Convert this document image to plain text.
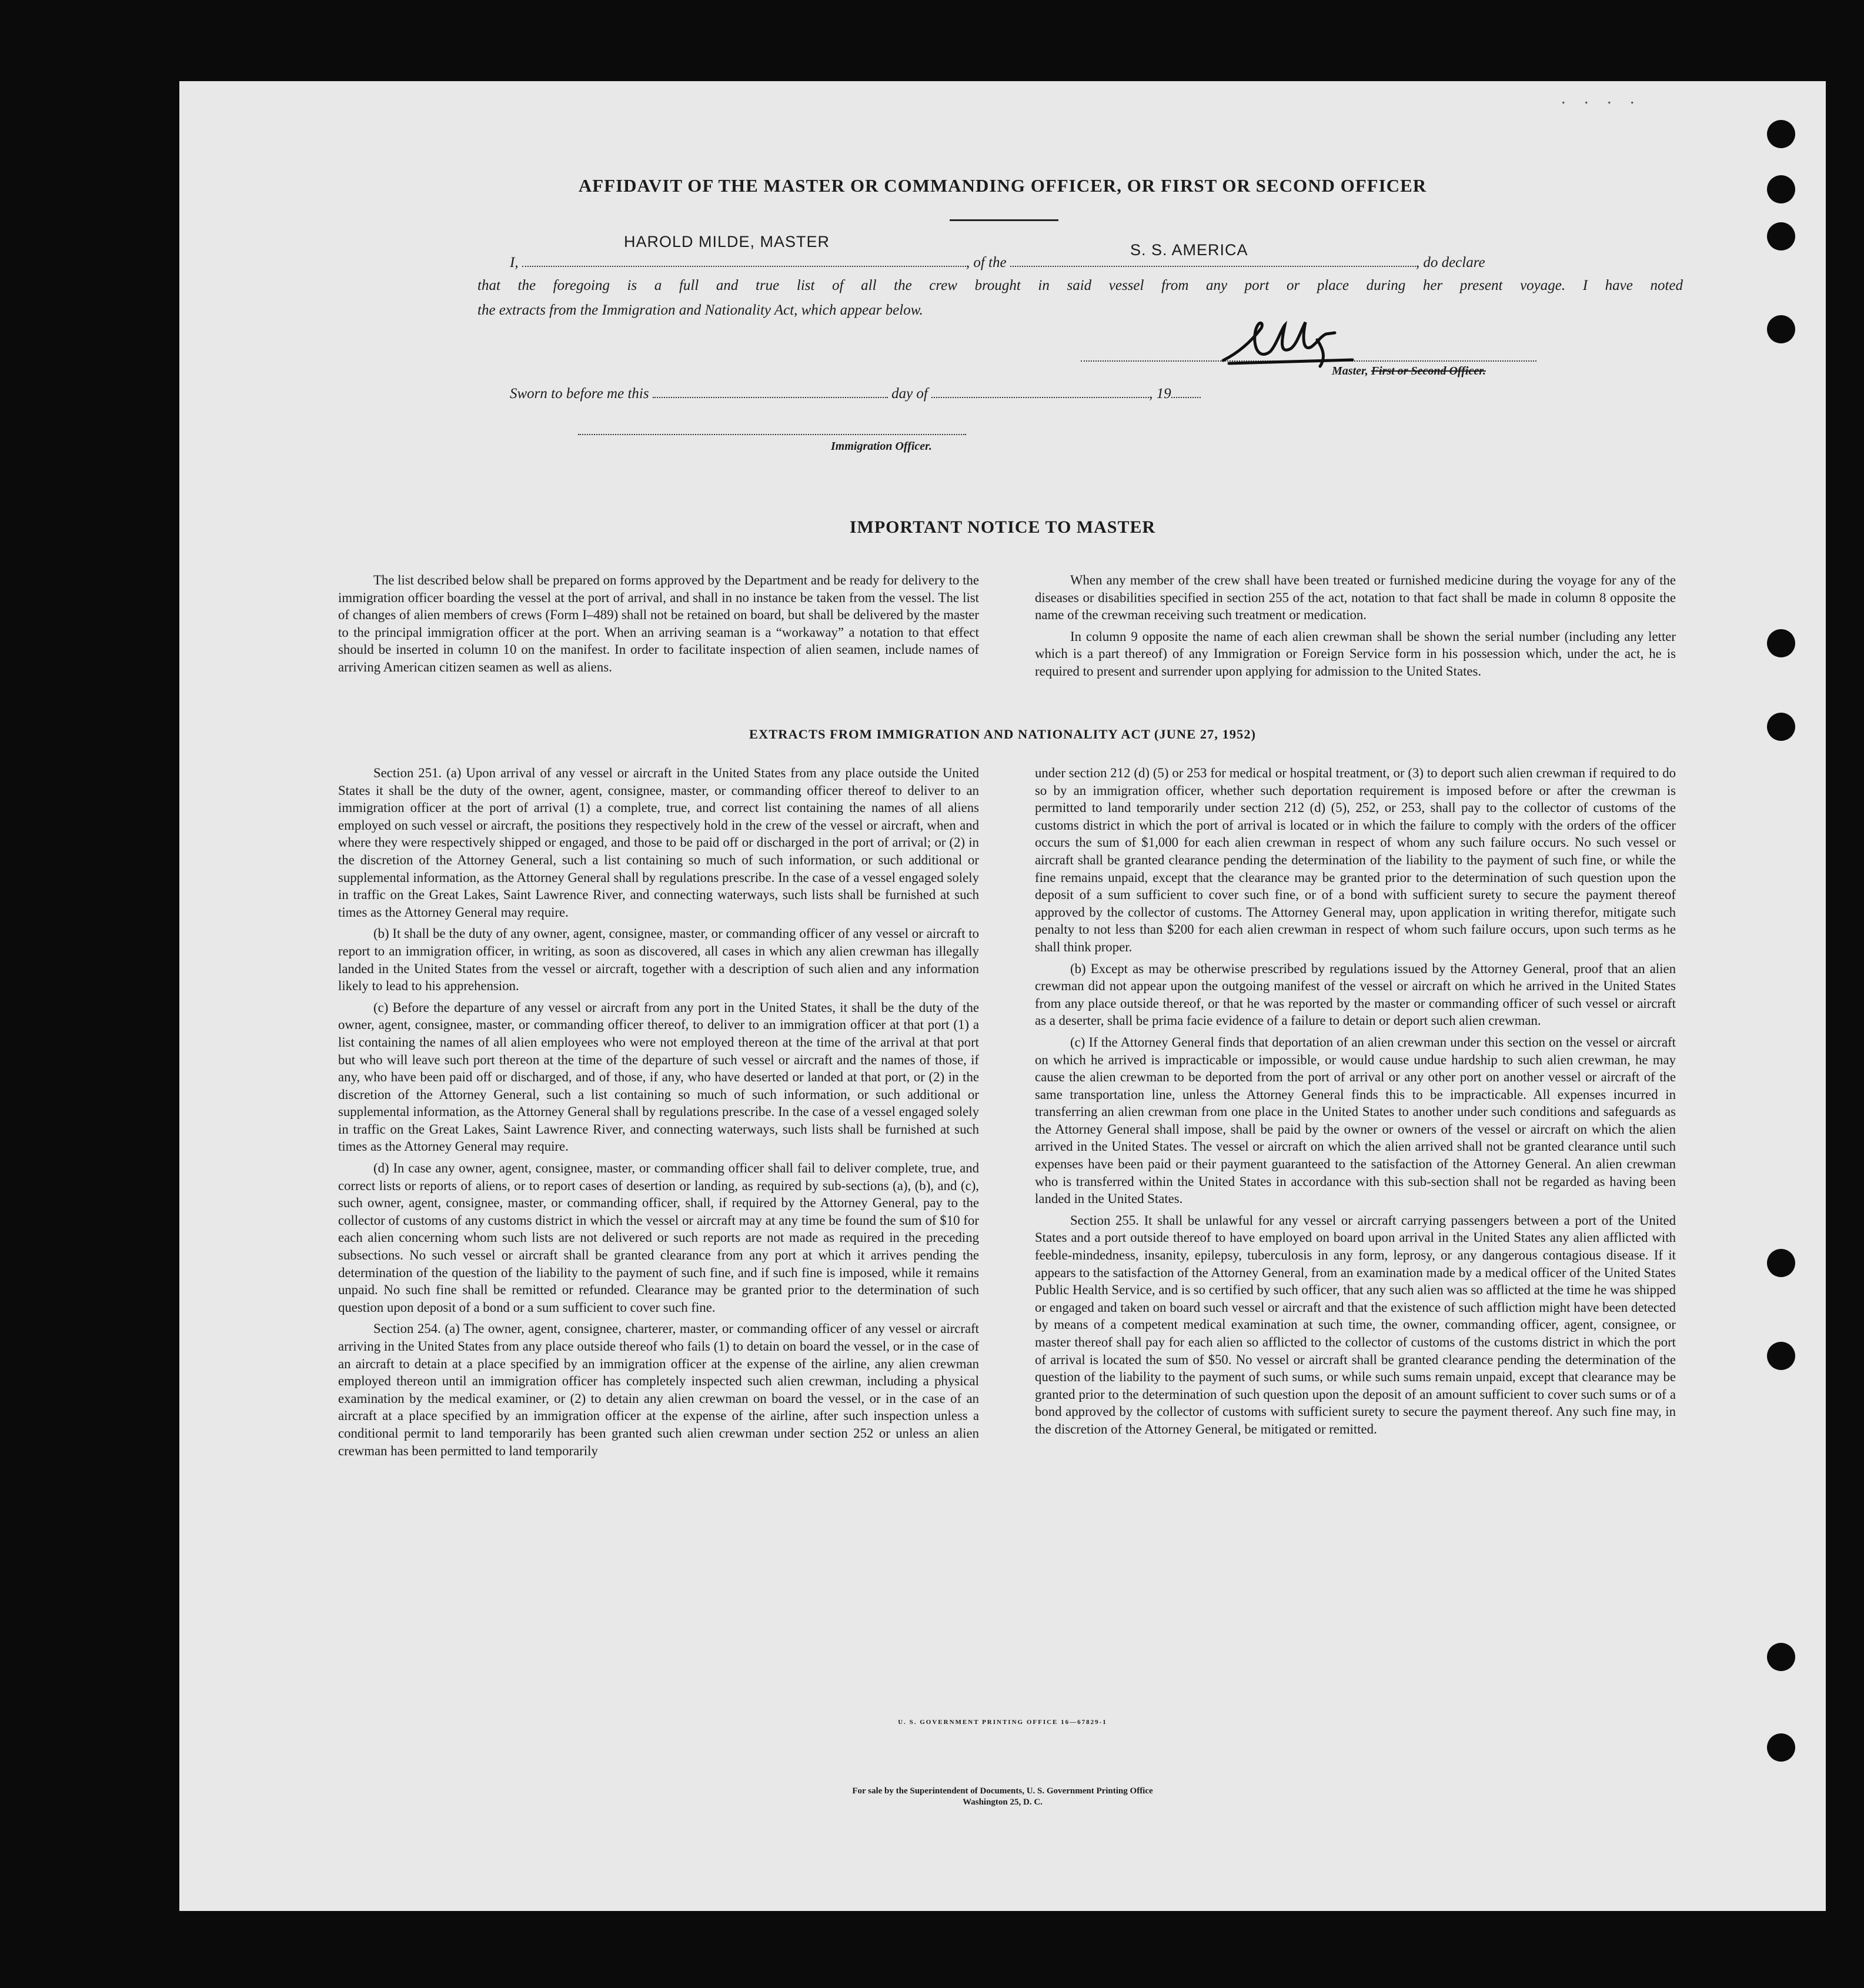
. . . .
AFFIDAVIT OF THE MASTER OR COMMANDING OFFICER, OR FIRST OR SECOND OFFICER
I,	, of the	, do declare
HAROLD MILDE, MASTER	S. S. AMERICA
that the foregoing is a full and true list of all the crew brought in said vessel from any port or place during her present voyage. I have noted
the extracts from the Immigration and Nationality Act, which appear below.
Master, First or Second Officer.
Sworn to before me this	day of	, 19
Immigration Officer.
IMPORTANT NOTICE TO MASTER

The list described below shall be prepared on forms approved by the Department and be ready for delivery to the immigration officer boarding the vessel at the port of arrival, and shall in no instance be taken from the vessel. The list of changes of alien members of crews (Form I–489) shall not be retained on board, but shall be delivered by the master to the principal immigration officer at the port. When an arriving seaman is a “workaway” a notation to that effect should be inserted in column 10 on the manifest. In order to facilitate inspection of alien seamen, include names of arriving American citizen seamen as well as aliens.

When any member of the crew shall have been treated or furnished medicine during the voyage for any of the diseases or disabilities specified in section 255 of the act, notation to that fact shall be made in column 8 opposite the name of the crewman receiving such treatment or medication.

In column 9 opposite the name of each alien crewman shall be shown the serial number (including any letter which is a part thereof) of any Immigration or Foreign Service form in his possession which, under the act, he is required to present and surrender upon applying for admission to the United States.

EXTRACTS FROM IMMIGRATION AND NATIONALITY ACT (JUNE 27, 1952)

Section 251. (a) Upon arrival of any vessel or aircraft in the United States from any place outside the United States it shall be the duty of the owner, agent, consignee, master, or commanding officer thereof to deliver to an immigration officer at the port of arrival (1) a complete, true, and correct list containing the names of all aliens employed on such vessel or aircraft, the positions they respectively hold in the crew of the vessel or aircraft, when and where they were respectively shipped or engaged, and those to be paid off or discharged in the port of arrival; or (2) in the discretion of the Attorney General, such a list containing so much of such information, or such additional or supplemental information, as the Attorney General shall by regulations prescribe. In the case of a vessel engaged solely in traffic on the Great Lakes, Saint Lawrence River, and connecting waterways, such lists shall be furnished at such times as the Attorney General may require.

(b) It shall be the duty of any owner, agent, consignee, master, or commanding officer of any vessel or aircraft to report to an immigration officer, in writing, as soon as discovered, all cases in which any alien crewman has illegally landed in the United States from the vessel or aircraft, together with a description of such alien and any information likely to lead to his apprehension.

(c) Before the departure of any vessel or aircraft from any port in the United States, it shall be the duty of the owner, agent, consignee, master, or commanding officer thereof, to deliver to an immigration officer at that port (1) a list containing the names of all alien employees who were not employed thereon at the time of the arrival at that port but who will leave such port thereon at the time of the departure of such vessel or aircraft and the names of those, if any, who have been paid off or discharged, and of those, if any, who have deserted or landed at that port, or (2) in the discretion of the Attorney General, such a list containing so much of such information, or such additional or supplemental information, as the Attorney General shall by regulations prescribe. In the case of a vessel engaged solely in traffic on the Great Lakes, Saint Lawrence River, and connecting waterways, such lists shall be furnished at such times as the Attorney General may require.

(d) In case any owner, agent, consignee, master, or commanding officer shall fail to deliver complete, true, and correct lists or reports of aliens, or to report cases of desertion or landing, as required by sub-sections (a), (b), and (c), such owner, agent, consignee, master, or commanding officer, shall, if required by the Attorney General, pay to the collector of customs of any customs district in which the vessel or aircraft may at any time be found the sum of $10 for each alien concerning whom such lists are not delivered or such reports are not made as required in the preceding subsections. No such vessel or aircraft shall be granted clearance from any port at which it arrives pending the determination of the question of the liability to the payment of such fine, and if such fine is imposed, while it remains unpaid. No such fine shall be remitted or refunded. Clearance may be granted prior to the determination of such question upon deposit of a bond or a sum sufficient to cover such fine.

Section 254. (a) The owner, agent, consignee, charterer, master, or commanding officer of any vessel or aircraft arriving in the United States from any place outside thereof who fails (1) to detain on board the vessel, or in the case of an aircraft to detain at a place specified by an immigration officer at the expense of the airline, any alien crewman employed thereon until an immigration officer has completely inspected such alien crewman, including a physical examination by the medical examiner, or (2) to detain any alien crewman on board the vessel, or in the case of an aircraft at a place specified by an immigration officer at the expense of the airline, after such inspection unless a conditional permit to land temporarily has been granted such alien crewman under section 252 or unless an alien crewman has been permitted to land temporarily

under section 212 (d) (5) or 253 for medical or hospital treatment, or (3) to deport such alien crewman if required to do so by an immigration officer, whether such deportation requirement is imposed before or after the crewman is permitted to land temporarily under section 212 (d) (5), 252, or 253, shall pay to the collector of customs of the customs district in which the port of arrival is located or in which the failure to comply with the orders of the officer occurs the sum of $1,000 for each alien crewman in respect of whom any such failure occurs. No such vessel or aircraft shall be granted clearance pending the determination of the liability to the payment of such fine, or while the fine remains unpaid, except that the clearance may be granted prior to the determination of such question upon the deposit of a sum sufficient to cover such fine, or of a bond with sufficient surety to secure the payment thereof approved by the collector of customs. The Attorney General may, upon application in writing therefor, mitigate such penalty to not less than $200 for each alien crewman in respect of whom such failure occurs, upon such terms as he shall think proper.

(b) Except as may be otherwise prescribed by regulations issued by the Attorney General, proof that an alien crewman did not appear upon the outgoing manifest of the vessel or aircraft on which he arrived in the United States from any place outside thereof, or that he was reported by the master or commanding officer of such vessel or aircraft as a deserter, shall be prima facie evidence of a failure to detain or deport such alien crewman.

(c) If the Attorney General finds that deportation of an alien crewman under this section on the vessel or aircraft on which he arrived is impracticable or impossible, or would cause undue hardship to such alien crewman, he may cause the alien crewman to be deported from the port of arrival or any other port on another vessel or aircraft of the same transportation line, unless the Attorney General finds this to be impracticable. All expenses incurred in transferring an alien crewman from one place in the United States to another under such conditions and safeguards as the Attorney General shall impose, shall be paid by the owner or owners of the vessel or aircraft on which the alien arrived in the United States. The vessel or aircraft on which the alien arrived shall not be granted clearance until such expenses have been paid or their payment guaranteed to the satisfaction of the Attorney General. An alien crewman who is transferred within the United States in accordance with this sub-section shall not be regarded as having been landed in the United States.

Section 255. It shall be unlawful for any vessel or aircraft carrying passengers between a port of the United States and a port outside thereof to have employed on board upon arrival in the United States any alien afflicted with feeble-mindedness, insanity, epilepsy, tuberculosis in any form, leprosy, or any dangerous contagious disease. If it appears to the satisfaction of the Attorney General, from an examination made by a medical officer of the United States Public Health Service, and is so certified by such officer, that any such alien was so afflicted at the time he was shipped or engaged and taken on board such vessel or aircraft and that the existence of such affliction might have been detected by means of a competent medical examination at such time, the owner, commanding officer, agent, consignee, or master thereof shall pay for each alien so afflicted to the collector of customs of the customs district in which the port of arrival is located the sum of $50. No vessel or aircraft shall be granted clearance pending the determination of the question of the liability to the payment of such sums, or while such sums remain unpaid, except that clearance may be granted prior to the determination of such question upon the deposit of an amount sufficient to cover such sums or of a bond approved by the collector of customs with sufficient surety to secure the payment thereof. Any such fine may, in the discretion of the Attorney General, be mitigated or remitted.

U. S. GOVERNMENT PRINTING OFFICE 16—67829-1
For sale by the Superintendent of Documents, U. S. Government Printing Office
Washington 25, D. C.
